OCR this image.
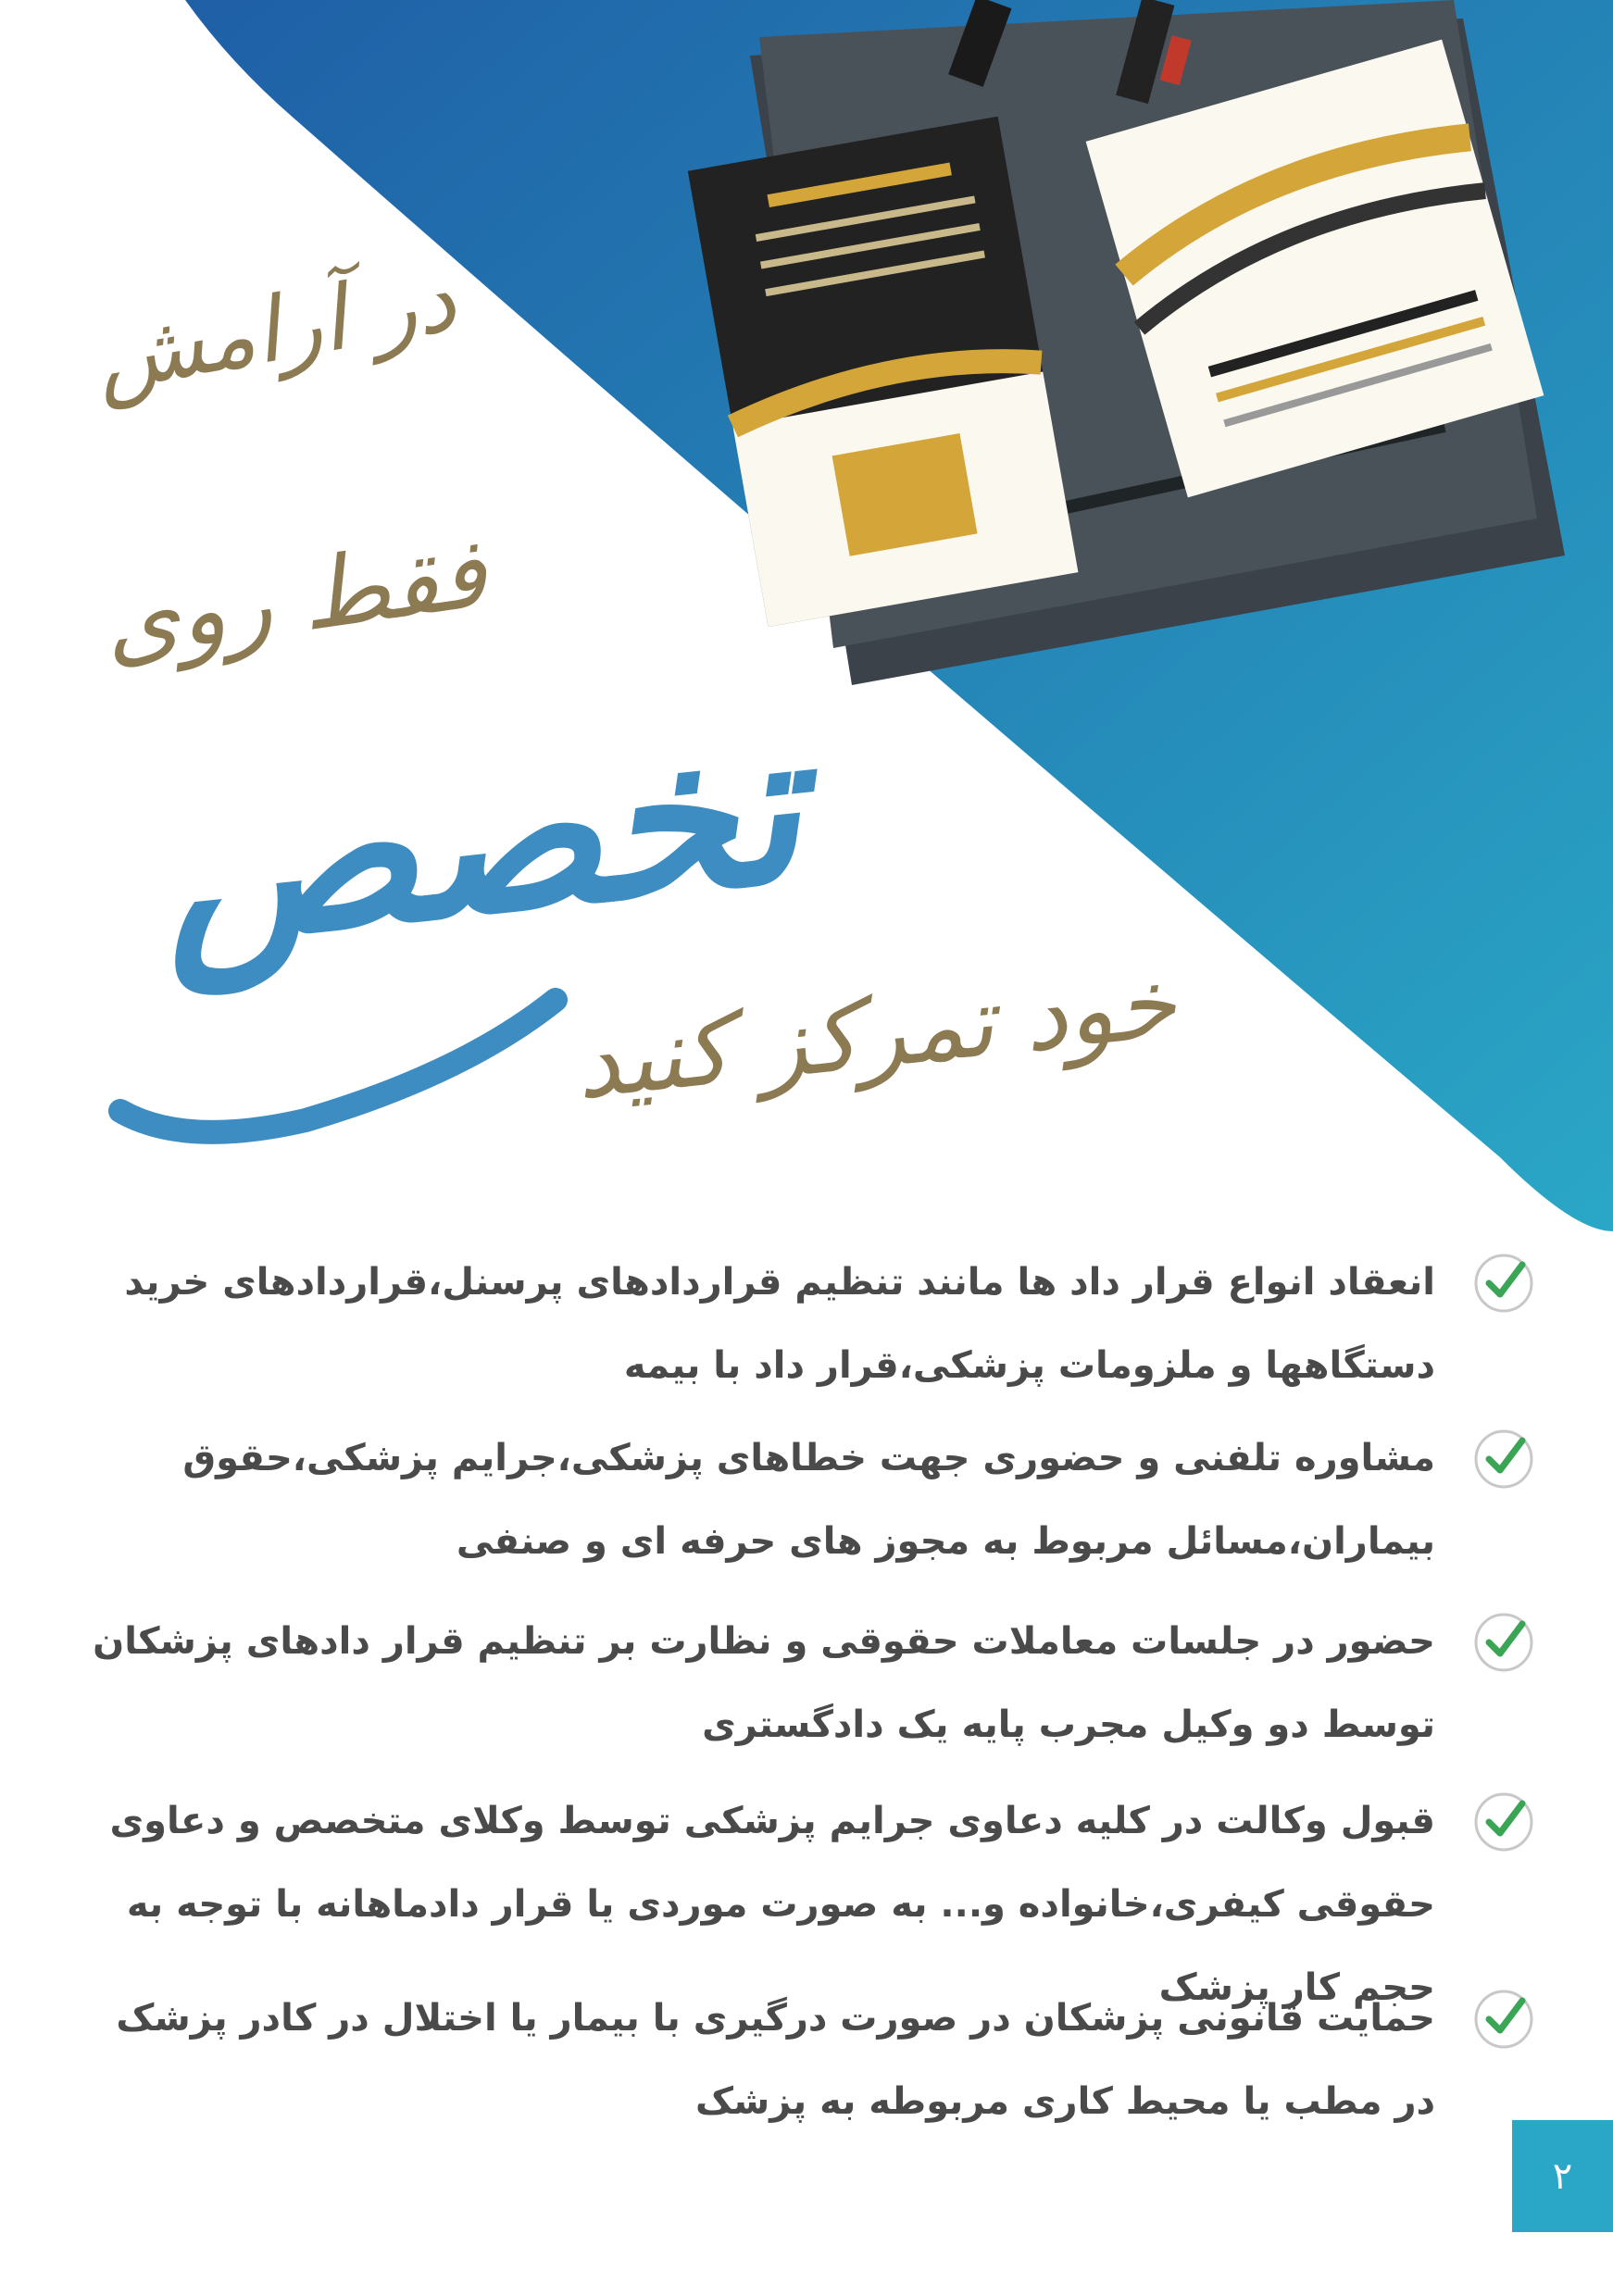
در آرامش

فقط روی

تخصص

خود تمرکز کنید

انعقاد انواع قرار داد ها مانند تنظیم قراردادهای پرسنل،قراردادهای خرید دستگاهها و ملزومات پزشکی،قرار داد با بیمه
مشاوره تلفنی و حضوری جهت خطاهای پزشکی،جرایم پزشکی،حقوق بیماران،مسائل مربوط به مجوز های حرفه ای و صنفی
حضور در جلسات معاملات حقوقی و نظارت بر تنظیم قرار دادهای پزشکان توسط دو وکیل مجرب پایه یک دادگستری
قبول وکالت در کلیه دعاوی جرایم پزشکی توسط وکلای متخصص و دعاوی حقوقی کیفری،خانواده و... به صورت موردی یا قرار دادماهانه با توجه به حجم کار پزشک
حمایت قانونی پزشکان در صورت درگیری با بیمار یا اختلال در کادر پزشک در مطب یا محیط کاری مربوطه به پزشک
۲
